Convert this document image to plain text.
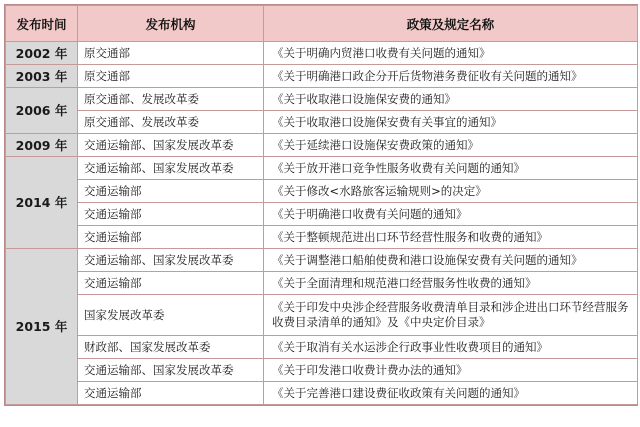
发布时间	发布机构	政策及规定名称
2002 年	原交通部	《关于明确内贸港口收费有关问题的通知》
2003 年	原交通部	《关于明确港口政企分开后货物港务费征收有关问题的通知》
2006 年	原交通部、发展改革委	《关于收取港口设施保安费的通知》
	原交通部、发展改革委	《关于收取港口设施保安费有关事宜的通知》
2009 年	交通运输部、国家发展改革委	《关于延续港口设施保安费政策的通知》
2014 年	交通运输部、国家发展改革委	《关于放开港口竞争性服务收费有关问题的通知》
	交通运输部	《关于修改<水路旅客运输规则>的决定》
	交通运输部	《关于明确港口收费有关问题的通知》
	交通运输部	《关于整顿规范进出口环节经营性服务和收费的通知》
2015 年	交通运输部、国家发展改革委	《关于调整港口船舶使费和港口设施保安费有关问题的通知》
	交通运输部	《关于全面清理和规范港口经营服务性收费的通知》
	国家发展改革委	《关于印发中央涉企经营服务收费清单目录和涉企进出口环节经营服务收费目录清单的通知》及《中央定价目录》
	财政部、国家发展改革委	《关于取消有关水运涉企行政事业性收费项目的通知》
	交通运输部、国家发展改革委	《关于印发港口收费计费办法的通知》
	交通运输部	《关于完善港口建设费征收政策有关问题的通知》
